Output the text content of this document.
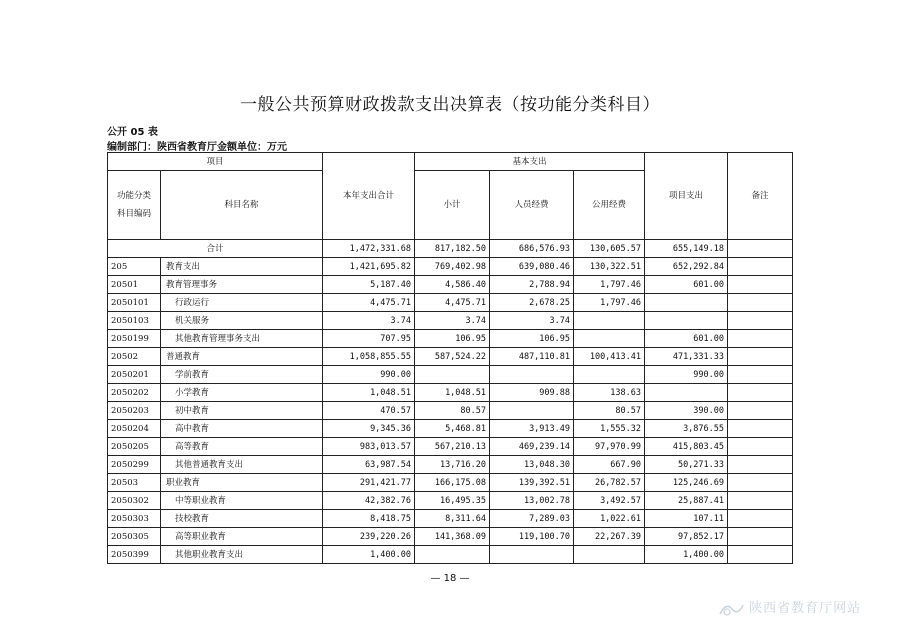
一般公共预算财政拨款支出决算表（按功能分类科目）
公开 05 表
编制部门：陕西省教育厅金额单位：万元
项目		本年支出合计	基本支出			项目支出	备注
功能分类
科目编码	科目名称		小计	人员经费	公用经费		

合计		1,472,331.68	817,182.50	686,576.93	130,605.57	655,149.18	
205	教育支出	1,421,695.82	769,402.98	639,080.46	130,322.51	652,292.84	
20501	教育管理事务	5,187.40	4,586.40	2,788.94	1,797.46	601.00	
2050101	行政运行	4,475.71	4,475.71	2,678.25	1,797.46		
2050103	机关服务	3.74	3.74	3.74			
2050199	其他教育管理事务支出	707.95	106.95	106.95		601.00	
20502	普通教育	1,058,855.55	587,524.22	487,110.81	100,413.41	471,331.33	
2050201	学前教育	990.00				990.00	
2050202	小学教育	1,048.51	1,048.51	909.88	138.63		
2050203	初中教育	470.57	80.57		80.57	390.00	
2050204	高中教育	9,345.36	5,468.81	3,913.49	1,555.32	3,876.55	
2050205	高等教育	983,013.57	567,210.13	469,239.14	97,970.99	415,803.45	
2050299	其他普通教育支出	63,987.54	13,716.20	13,048.30	667.90	50,271.33	
20503	职业教育	291,421.77	166,175.08	139,392.51	26,782.57	125,246.69	
2050302	中等职业教育	42,382.76	16,495.35	13,002.78	3,492.57	25,887.41	
2050303	技校教育	8,418.75	8,311.64	7,289.03	1,022.61	107.11	
2050305	高等职业教育	239,220.26	141,368.09	119,100.70	22,267.39	97,852.17	
2050399	其他职业教育支出	1,400.00				1,400.00	
— 18 —
陕西省教育厅网站
